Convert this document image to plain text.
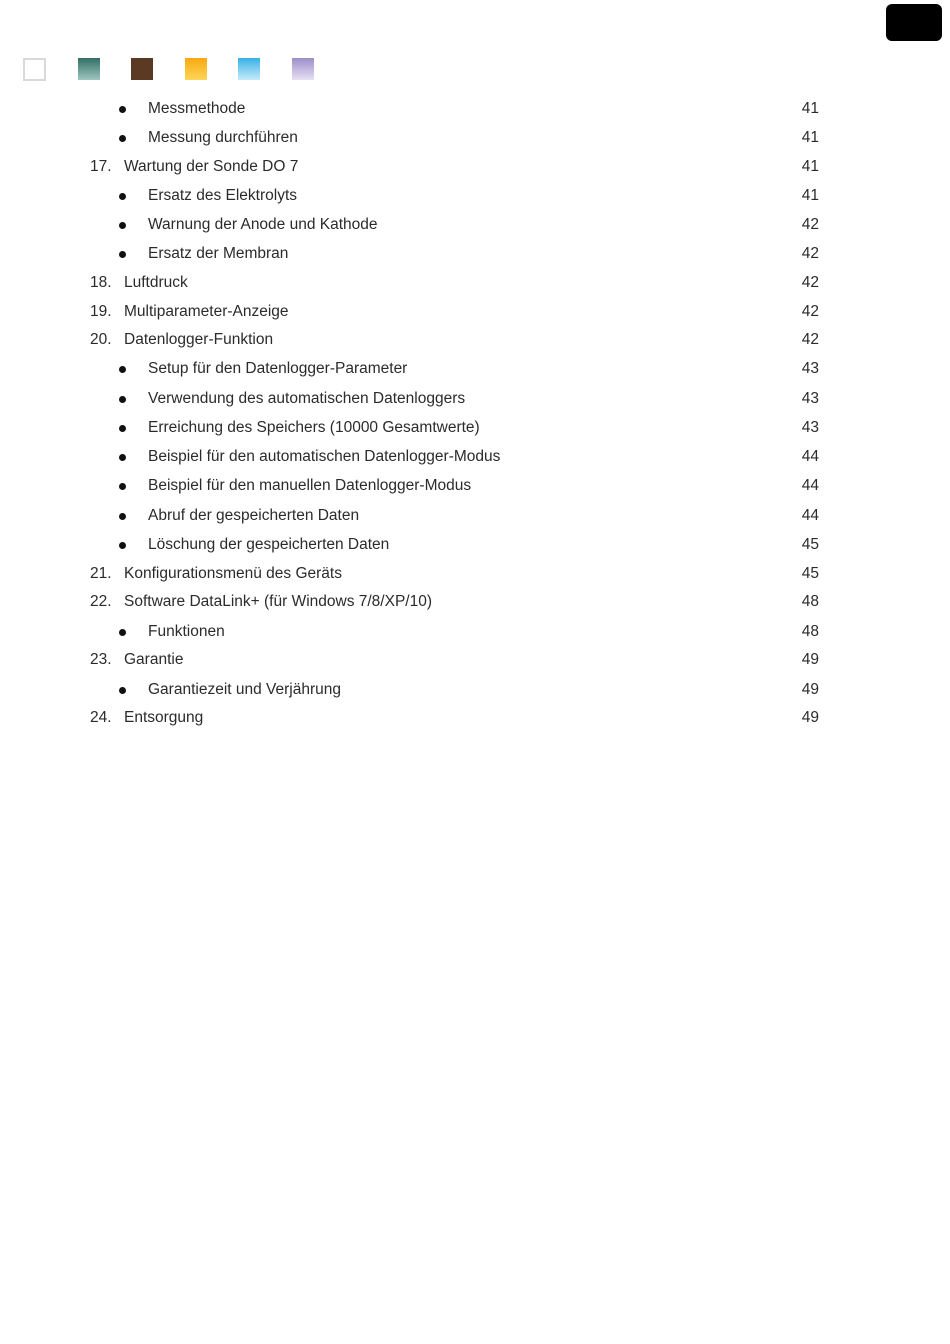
Messmethode	41
Messung durchführen	41
17. Wartung der Sonde DO 7	41
Ersatz des Elektrolyts	41
Warnung der Anode und Kathode	42
Ersatz der Membran	42
18. Luftdruck	42
19. Multiparameter-Anzeige	42
20. Datenlogger-Funktion	42
Setup für den Datenlogger-Parameter	43
Verwendung des automatischen Datenloggers	43
Erreichung des Speichers (10000 Gesamtwerte)	43
Beispiel für den automatischen Datenlogger-Modus	44
Beispiel für den manuellen Datenlogger-Modus	44
Abruf der gespeicherten Daten	44
Löschung der gespeicherten Daten	45
21. Konfigurationsmenü des Geräts	45
22. Software DataLink+ (für Windows 7/8/XP/10)	48
Funktionen	48
23. Garantie	49
Garantiezeit und Verjährung	49
24. Entsorgung	49
